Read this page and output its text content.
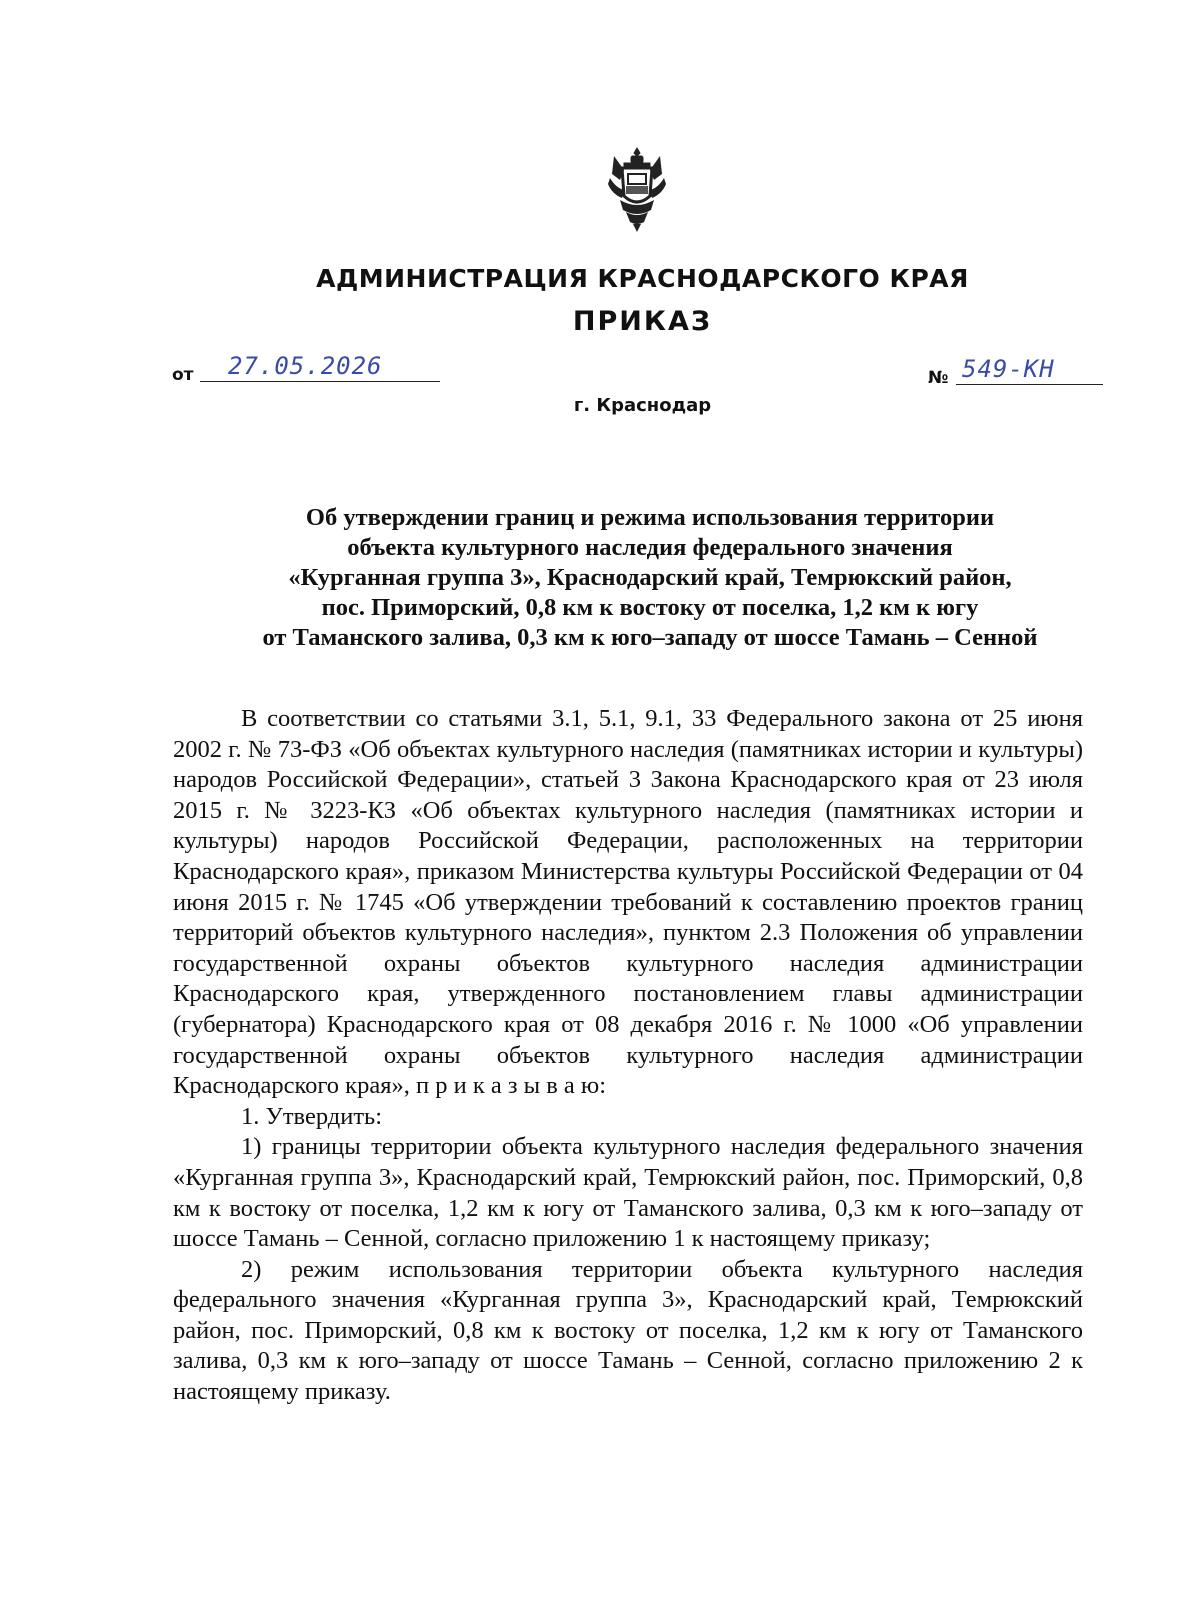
АДМИНИСТРАЦИЯ КРАСНОДАРСКОГО КРАЯ
ПРИКАЗ
от 27.05.2026	№ 549-КН
г. Краснодар
Об утверждении границ и режима использования территории
объекта культурного наследия федерального значения
«Курганная группа 3», Краснодарский край, Темрюкский район,
пос. Приморский, 0,8 км к востоку от поселка, 1,2 км к югу
от Таманского залива, 0,3 км к юго–западу от шоссе Тамань – Сенной

В соответствии со статьями 3.1, 5.1, 9.1, 33 Федерального закона от 25 июня 2002 г. № 73-ФЗ «Об объектах культурного наследия (памятниках истории и культуры) народов Российской Федерации», статьей 3 Закона Краснодарского края от 23 июля 2015 г. № 3223-КЗ «Об объектах культурного наследия (памятниках истории и культуры) народов Российской Федерации, расположенных на территории Краснодарского края», приказом Министерства культуры Российской Федерации от 04 июня 2015 г. № 1745 «Об утверждении требований к составлению проектов границ территорий объектов культурного наследия», пунктом 2.3 Положения об управлении государственной охраны объектов культурного наследия администрации Краснодарского края, утвержденного постановлением главы администрации (губернатора) Краснодарского края от 08 декабря 2016 г. № 1000 «Об управлении государственной охраны объектов культурного наследия администрации Краснодарского края», п р и к а з ы в а ю:

1. Утвердить:

1) границы территории объекта культурного наследия федерального значения «Курганная группа 3», Краснодарский край, Темрюкский район, пос. Приморский, 0,8 км к востоку от поселка, 1,2 км к югу от Таманского залива, 0,3 км к юго–западу от шоссе Тамань – Сенной, согласно приложению 1 к настоящему приказу;

2) режим использования территории объекта культурного наследия федерального значения «Курганная группа 3», Краснодарский край, Темрюкский район, пос. Приморский, 0,8 км к востоку от поселка, 1,2 км к югу от Таманского залива, 0,3 км к юго–западу от шоссе Тамань – Сенной, согласно приложению 2 к настоящему приказу.
